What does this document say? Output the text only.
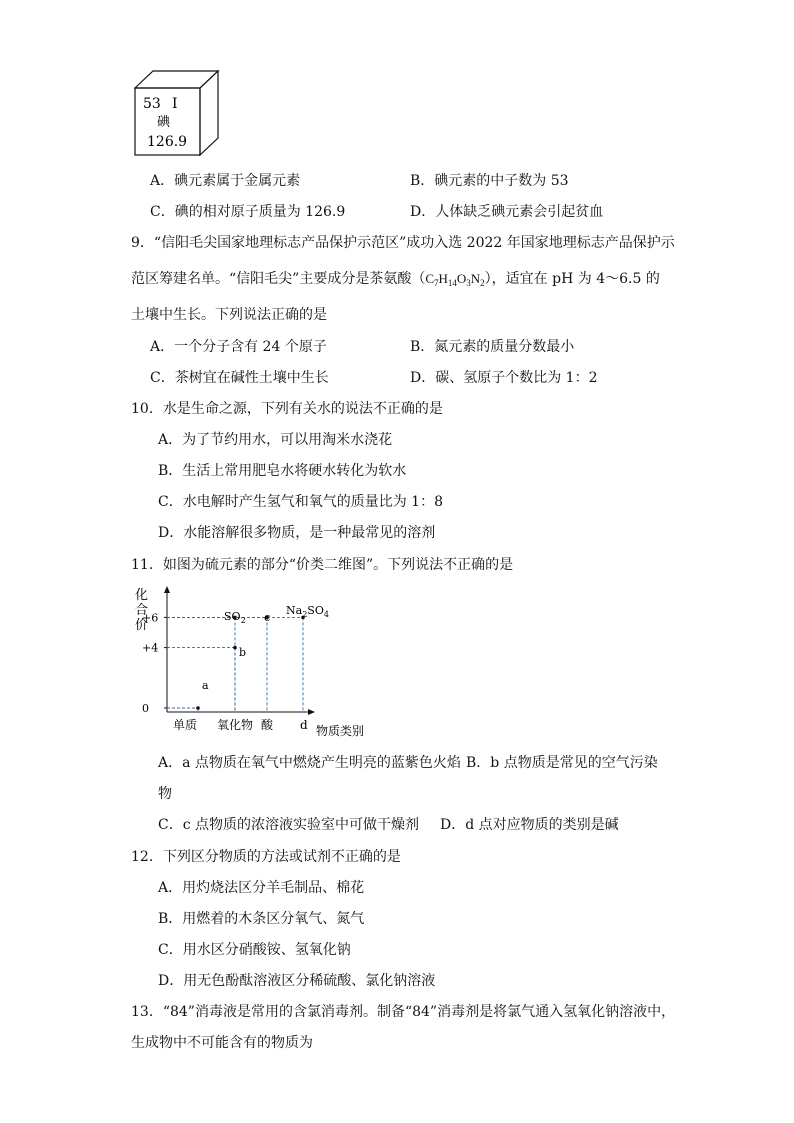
53 I
碘
126.9
A．碘元素属于金属元素	B．碘元素的中子数为 53
C．碘的相对原子质量为 126.9	D．人体缺乏碘元素会引起贫血
9．“信阳毛尖国家地理标志产品保护示范区”成功入选 2022 年国家地理标志产品保护示
范区筹建名单。“信阳毛尖”主要成分是茶氨酸$(C_7H_{14}O_3N_2)$，适宜在 pH 为 4～6.5 的
土壤中生长。下列说法正确的是
A．一个分子含有 24 个原子	B．氮元素的质量分数最小
C．茶树宜在碱性土壤中生长	D．碳、氢原子个数比为 1：2
10．水是生命之源，下列有关水的说法不正确的是
A．为了节约用水，可以用淘米水浇花
B．生活上常用肥皂水将硬水转化为软水
C．水电解时产生氢气和氧气的质量比为 1：8
D．水能溶解很多物质，是一种最常见的溶剂
11．如图为硫元素的部分“价类二维图”。下列说法不正确的是
化
合
价
+6
+4
0
单质 氧化物 酸 d
a
b
c
$SO_2$
$Na_2SO_4$
物质类别
A．a 点物质在氧气中燃烧产生明亮的蓝紫色火焰 B．b 点物质是常见的空气污染
物
C．c 点物质的浓溶液实验室中可做干燥剂 D．d 点对应物质的类别是碱
12．下列区分物质的方法或试剂不正确的是
A．用灼烧法区分羊毛制品、棉花
B．用燃着的木条区分氧气、氮气
C．用水区分硝酸铵、氢氧化钠
D．用无色酚酞溶液区分稀硫酸、氯化钠溶液
13．“84”消毒液是常用的含氯消毒剂。制备“84”消毒剂是将氯气通入氢氧化钠溶液中，
生成物中不可能含有的物质为
